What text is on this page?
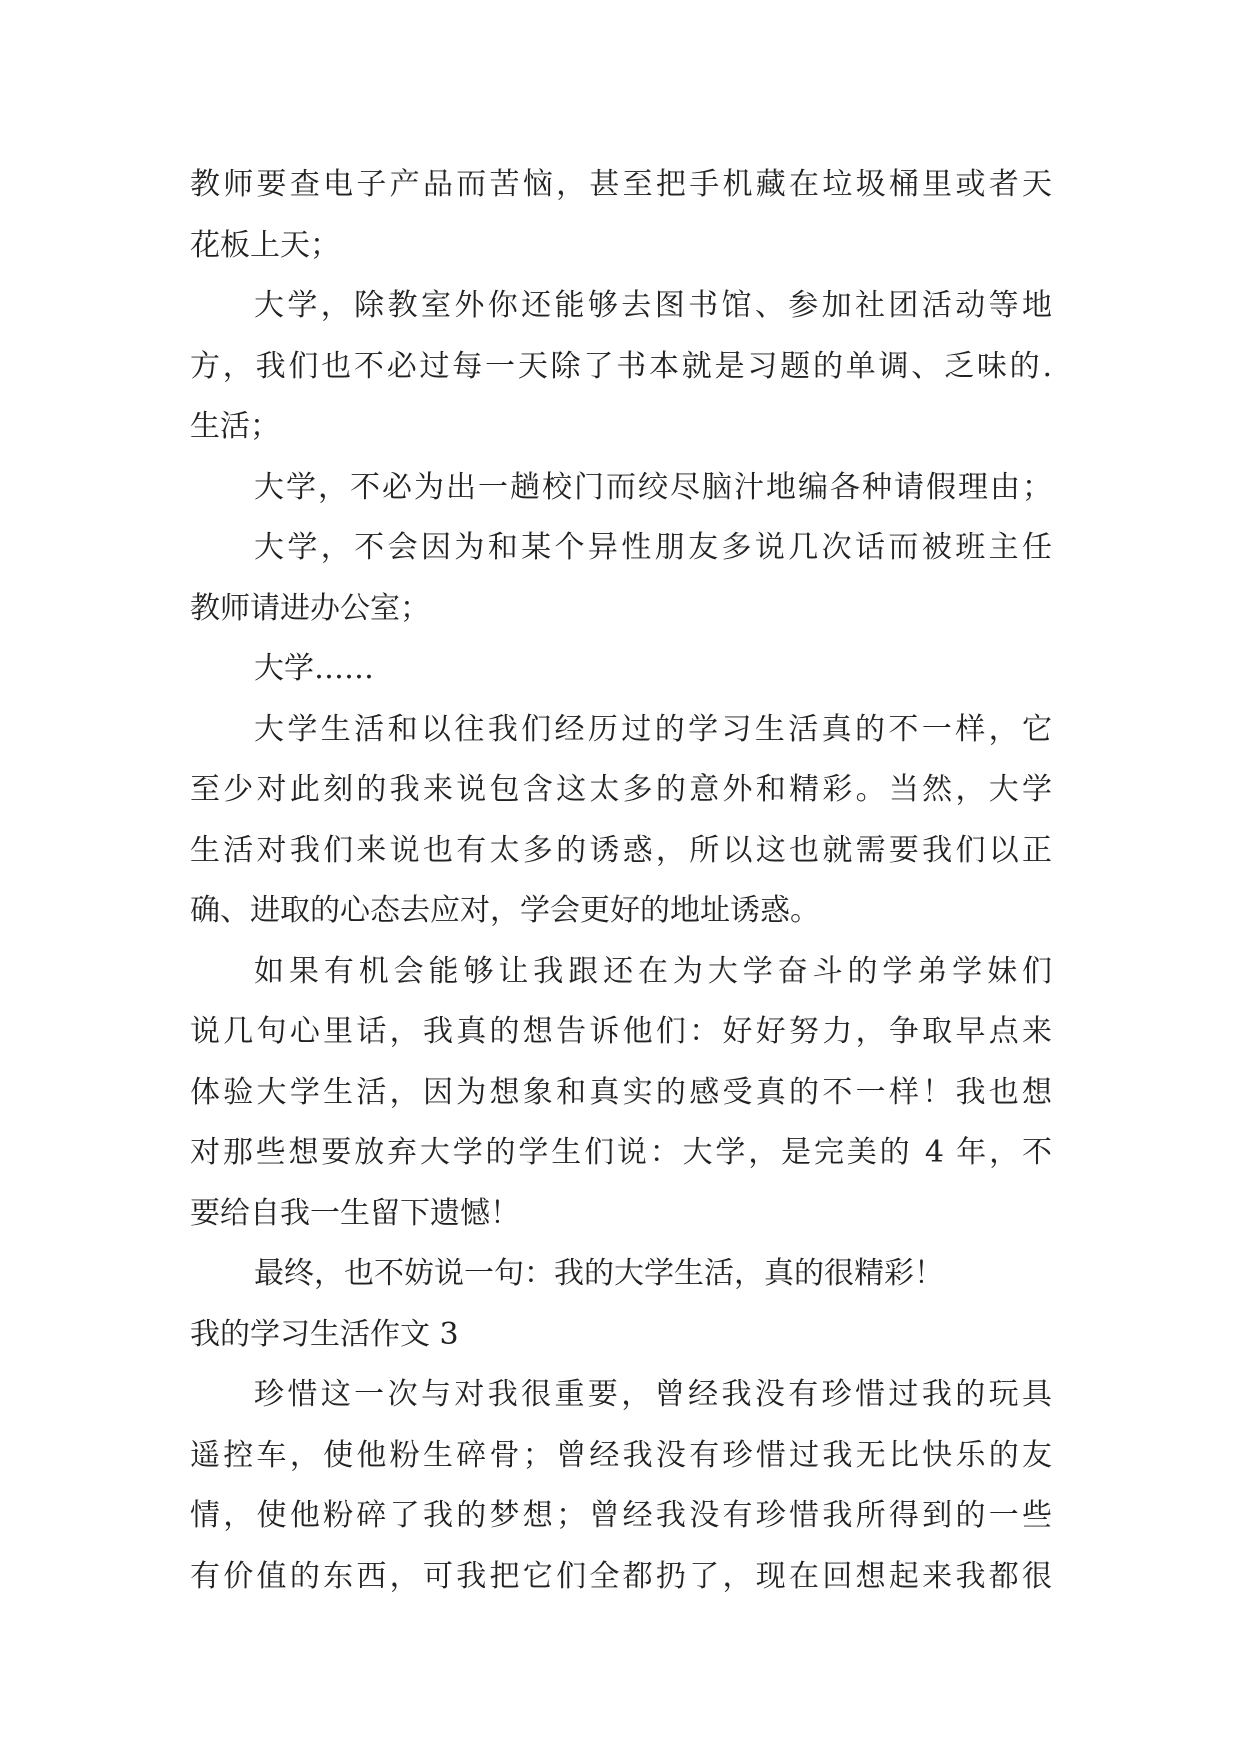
教师要查电子产品而苦恼，甚至把手机藏在垃圾桶里或者天
花板上天；
大学，除教室外你还能够去图书馆、参加社团活动等地
方，我们也不必过每一天除了书本就是习题的单调、乏味的.
生活；
大学，不必为出一趟校门而绞尽脑汁地编各种请假理由；
大学，不会因为和某个异性朋友多说几次话而被班主任
教师请进办公室；
大学……
大学生活和以往我们经历过的学习生活真的不一样，它
至少对此刻的我来说包含这太多的意外和精彩。当然，大学
生活对我们来说也有太多的诱惑，所以这也就需要我们以正
确、进取的心态去应对，学会更好的地址诱惑。
如果有机会能够让我跟还在为大学奋斗的学弟学妹们
说几句心里话，我真的想告诉他们：好好努力，争取早点来
体验大学生活，因为想象和真实的感受真的不一样！我也想
对那些想要放弃大学的学生们说：大学，是完美的 4 年，不
要给自我一生留下遗憾！
最终，也不妨说一句：我的大学生活，真的很精彩！
我的学习生活作文 3
珍惜这一次与对我很重要，曾经我没有珍惜过我的玩具
遥控车，使他粉生碎骨；曾经我没有珍惜过我无比快乐的友
情，使他粉碎了我的梦想；曾经我没有珍惜我所得到的一些
有价值的东西，可我把它们全都扔了，现在回想起来我都很
